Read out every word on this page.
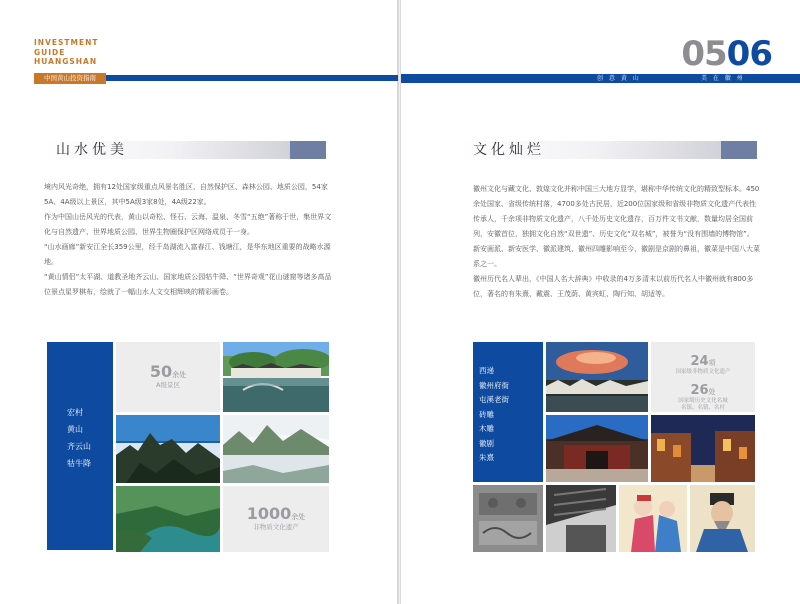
INVESTMENT
GUIDE
HUANGSHAN
中国黄山投资指南
山水优美

境内风光奇绝，拥有12处国家级重点风景名胜区、自然保护区、森林公园、地质公园，54家5A、4A级以上景区，其中5A级3家8处，4A级22家。

作为中国山岳风光的代表，黄山以奇松、怪石、云海、温泉、冬雪“五绝”著称于世，集世界文化与自然遗产、世界地质公园、世界生物圈保护区网络成员于一身。

“山水画廊”新安江全长359公里，经千岛湖流入富春江、钱塘江，是华东地区重要的战略水源地。

“黄山情侣”太平湖、道教圣地齐云山、国家地质公园牯牛降、“世界奇观”花山谜窟等诸多高品位景点星罗棋布，绘就了一幅山水人文交相辉映的精彩画卷。

宏村
黄山
齐云山
牯牛降
50余处
A级景区
1000余处
非物质文化遗产
0506
创 意 黄 山	美 在 徽 州
文化灿烂

徽州文化与藏文化、敦煌文化并称中国三大地方显学，堪称中华传统文化的精致型标本。450余处国家、省级传统村落，4700多处古民居，近200位国家级和省级非物质文化遗产代表性传承人，千余项非物质文化遗产，八千处历史文化遗存，百万件文书文献，数量均居全国前列，安徽首位，独拥文化自然“双世遗”、历史文化“双名城”，被誉为“没有围墙的博物馆”。

新安画派、新安医学、徽派建筑、徽州四雕影响至今，徽剧是京剧的鼻祖，徽菜是中国八大菜系之一。

徽州历代名人辈出，《中国人名大辞典》中收录的4万多清末以前历代名人中徽州就有800多位，著名的有朱熹、戴震、王茂荫、黄宾虹、陶行知、胡适等。

西递
徽州府衙
屯溪老街
砖雕
木雕
徽剧
朱熹
24项
国家级非物质文化遗产
26处
国家级历史文化名城
名镇、名镇、名村
